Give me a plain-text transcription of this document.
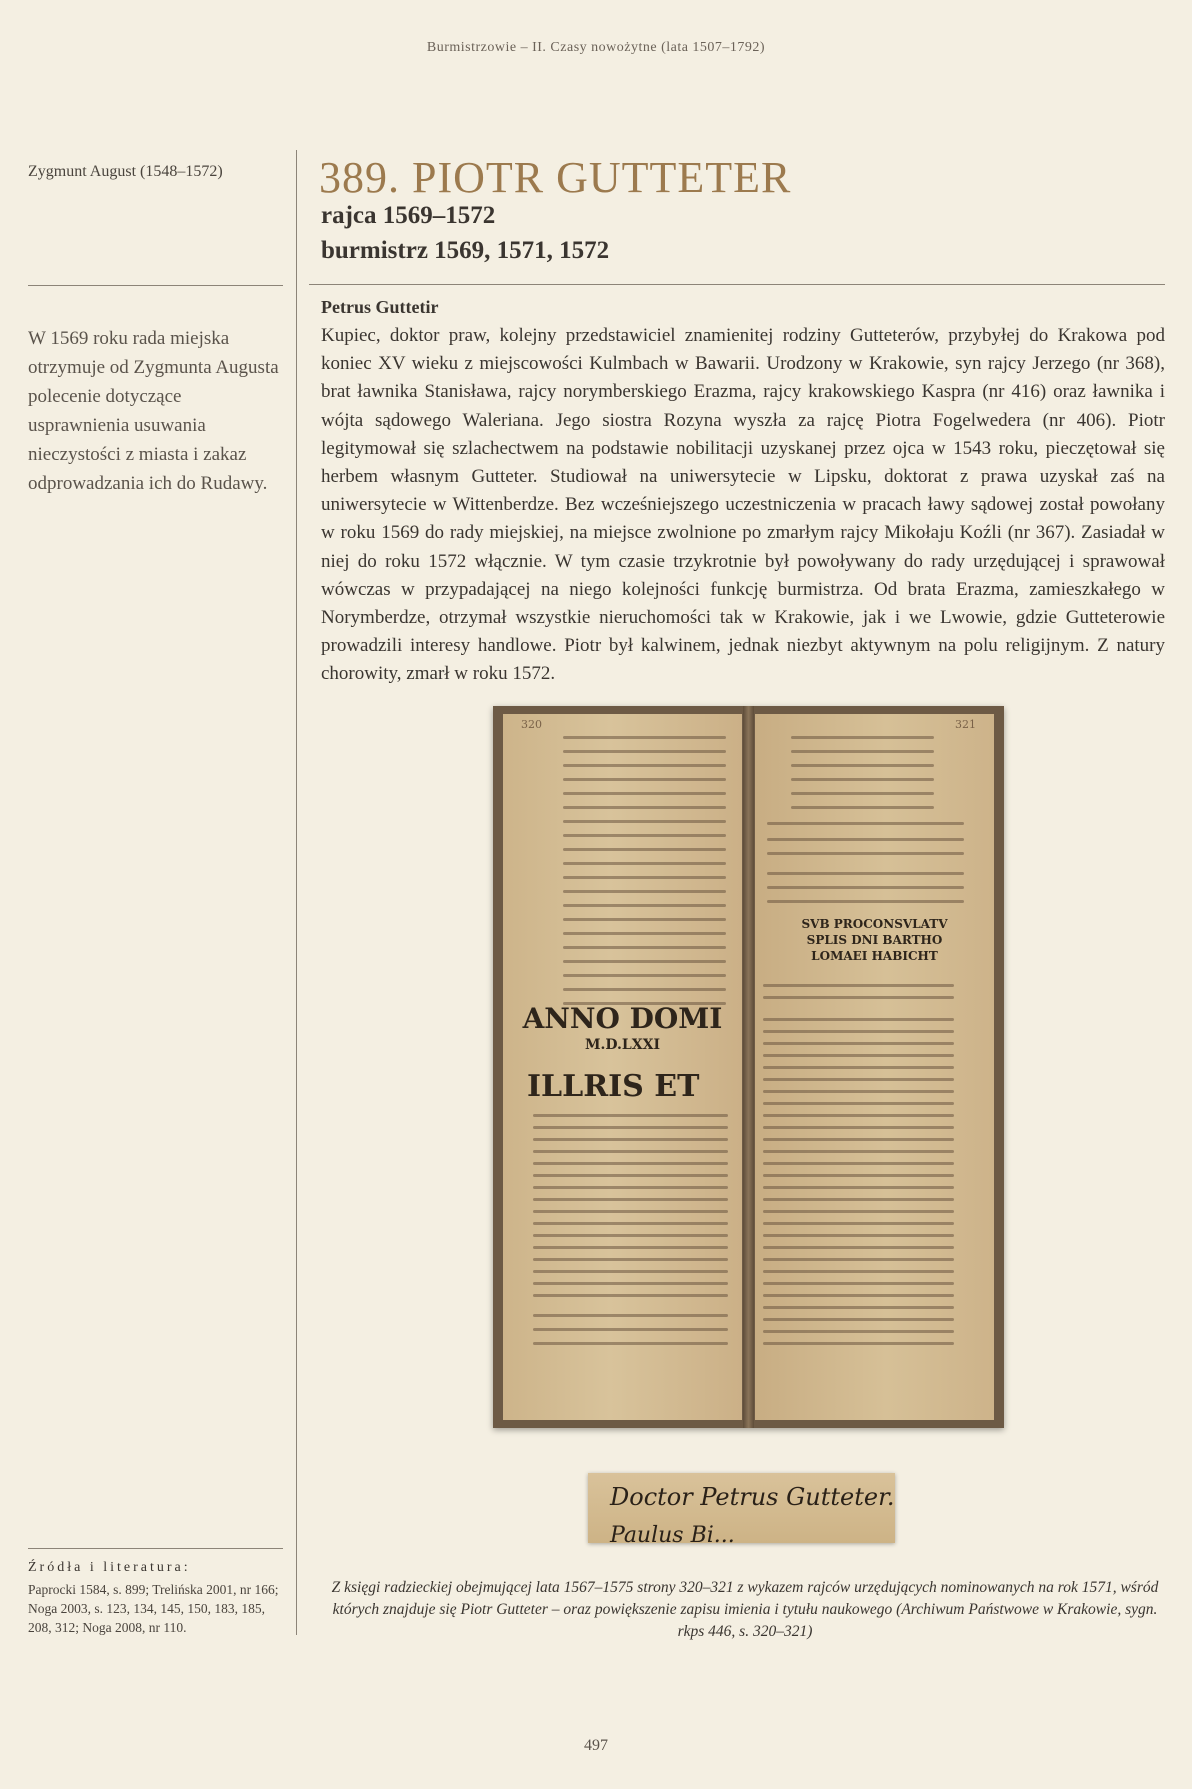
Burmistrzowie – II. Czasy nowożytne (lata 1507–1792)
Zygmunt August (1548–1572)
W 1569 roku rada miejska otrzymuje od Zygmunta Augusta polecenie dotyczące usprawnienia usuwania nieczystości z miasta i zakaz odprowadzania ich do Rudawy.
389. PIOTR GUTTETER
rajca 1569–1572
burmistrz 1569, 1571, 1572
Petrus Guttetir
Kupiec, doktor praw, kolejny przedstawiciel znamienitej rodziny Gutteterów, przybyłej do Krakowa pod koniec XV wieku z miejscowości Kulmbach w Bawarii. Urodzony w Krakowie, syn rajcy Jerzego (nr 368), brat ławnika Stanisława, rajcy norymberskiego Erazma, rajcy krakowskiego Kaspra (nr 416) oraz ławnika i wójta sądowego Waleriana. Jego siostra Rozyna wyszła za rajcę Piotra Fogelwedera (nr 406). Piotr legitymował się szlachectwem na podstawie nobilitacji uzyskanej przez ojca w 1543 roku, pieczętował się herbem własnym Gutteter. Studiował na uniwersytecie w Lipsku, doktorat z prawa uzyskał zaś na uniwersytecie w Wittenberdze. Bez wcześniejszego uczestniczenia w pracach ławy sądowej został powołany w roku 1569 do rady miejskiej, na miejsce zwolnione po zmarłym rajcy Mikołaju Koźli (nr 367). Zasiadał w niej do roku 1572 włącznie. W tym czasie trzykrotnie był powoływany do rady urzędującej i sprawował wówczas w przypadającej na niego kolejności funkcję burmistrza. Od brata Erazma, zamieszkałego w Norymberdze, otrzymał wszystkie nieruchomości tak w Krakowie, jak i we Lwowie, gdzie Gutteterowie prowadzili interesy handlowe. Piotr był kalwinem, jednak niezbyt aktywnym na polu religijnym. Z natury chorowity, zmarł w roku 1572.
320
ANNO DOMI
M.D.LXXI
ILLRIS ET
321
SVB PROCONSVLATV
SPLIS DNI BARTHO
LOMAEI HABICHT
Doctor Petrus Gutteter.
Paulus Bi...
Źródła i literatura:
Paprocki 1584, s. 899; Trelińska 2001, nr 166; Noga 2003, s. 123, 134, 145, 150, 183, 185, 208, 312; Noga 2008, nr 110.
Z księgi radzieckiej obejmującej lata 1567–1575 strony 320–321 z wykazem rajców urzędujących nominowanych na rok 1571, wśród których znajduje się Piotr Gutteter – oraz powiększenie zapisu imienia i tytułu naukowego (Archiwum Państwowe w Krakowie, sygn. rkps 446, s. 320–321)
497
